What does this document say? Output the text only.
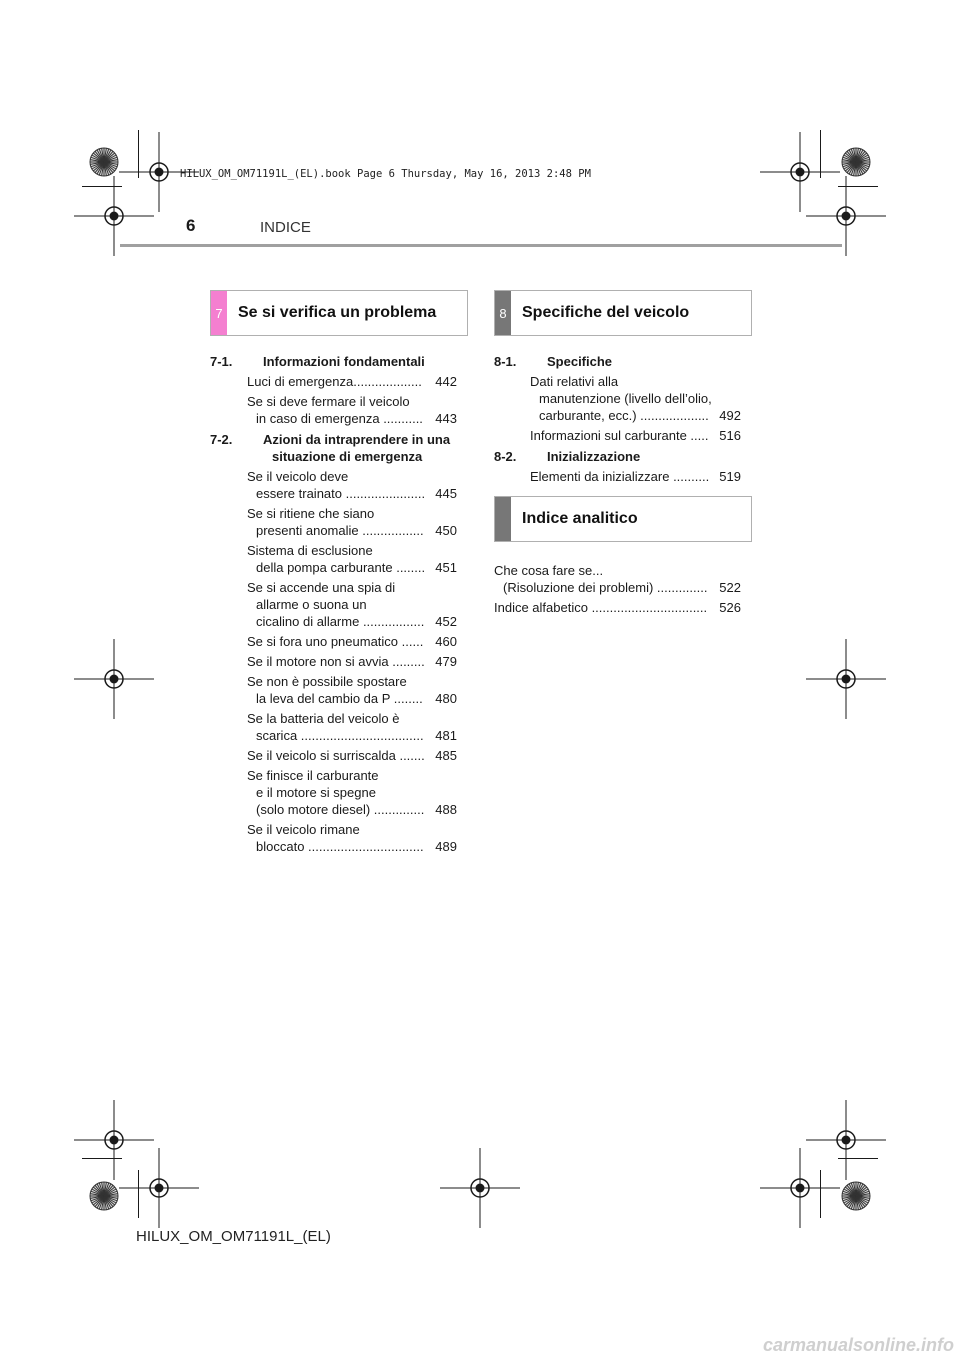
HILUX_OM_OM71191L_(EL).book Page 6 Thursday, May 16, 2013 2:48 PM
6	INDICE
7 Se si verifica un problema	8 Specifiche del veicolo
Indice analitico
7-1.	Informazioni fondamentali
Luci di emergenza...................	442
Se si deve fermare il veicolo
in caso di emergenza ........... 443
7-2.	Azioni da intraprendere in una
situazione di emergenza
Se il veicolo deve
essere trainato ...................... 445
Se si ritiene che siano
presenti anomalie ................. 450
Sistema di esclusione
della pompa carburante ........ 451
Se si accende una spia di
allarme o suona un
cicalino di allarme ................. 452
Se si fora uno pneumatico ...... 460
Se il motore non si avvia ......... 479
Se non è possibile spostare
la leva del cambio da P ........ 480
Se la batteria del veicolo è
scarica .................................. 481
Se il veicolo si surriscalda ....... 485
Se finisce il carburante
e il motore si spegne
(solo motore diesel) .............. 488
Se il veicolo rimane
bloccato ................................ 489
8-1.	Specifiche
Dati relativi alla
manutenzione (livello dell’olio,
carburante, ecc.) ................... 492
Informazioni sul carburante ..... 516
8-2.	Inizializzazione
Elementi da inizializzare .......... 519
Che cosa fare se...
(Risoluzione dei problemi) .............. 522
Indice alfabetico ................................ 526
HILUX_OM_OM71191L_(EL)
carmanualsonline.info
